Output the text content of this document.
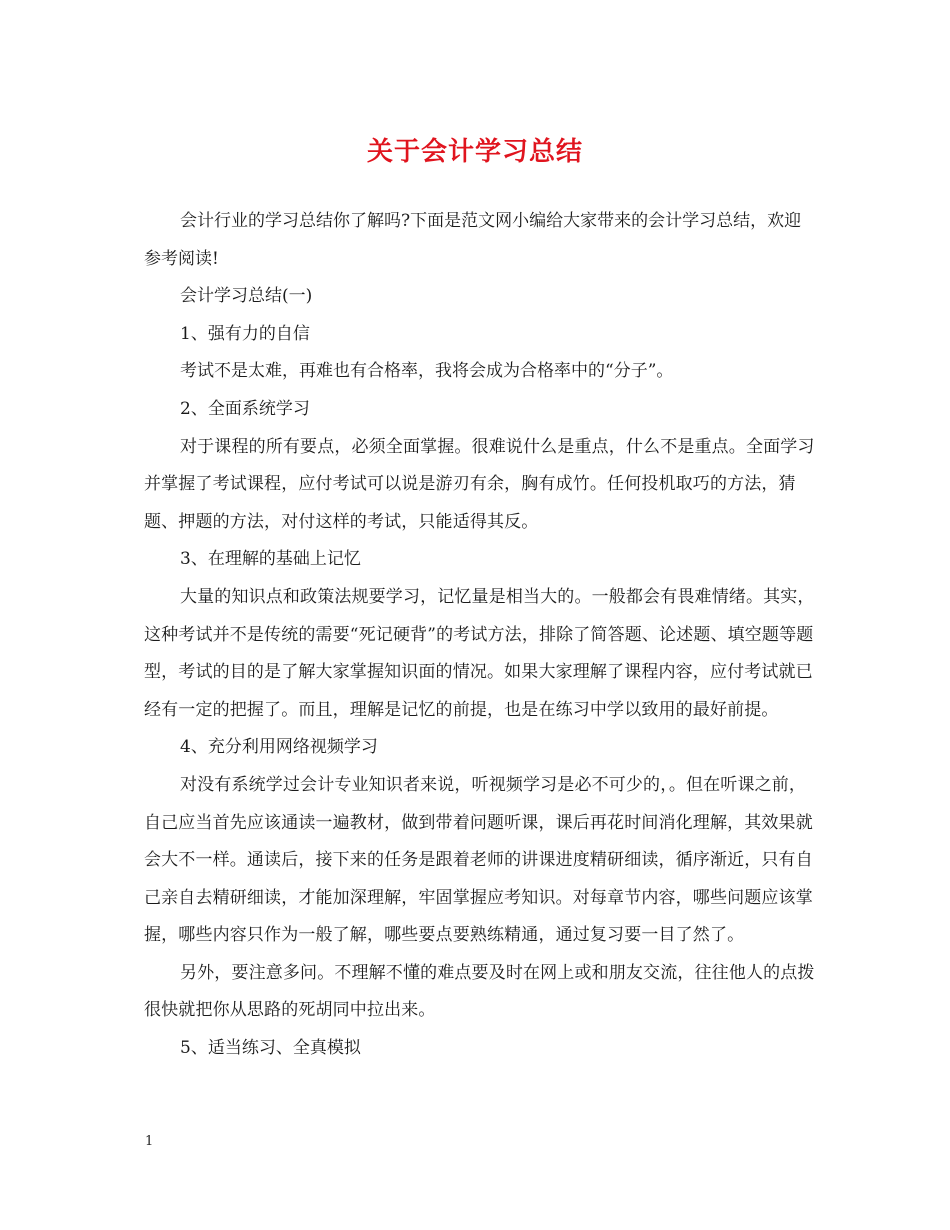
关于会计学习总结

会计行业的学习总结你了解吗?下面是范文网小编给大家带来的会计学习总结，欢迎参考阅读!

会计学习总结(一)

1、强有力的自信

考试不是太难，再难也有合格率，我将会成为合格率中的“分子”。

2、全面系统学习

对于课程的所有要点，必须全面掌握。很难说什么是重点，什么不是重点。全面学习并掌握了考试课程，应付考试可以说是游刃有余，胸有成竹。任何投机取巧的方法，猜题、押题的方法，对付这样的考试，只能适得其反。

3、在理解的基础上记忆

大量的知识点和政策法规要学习，记忆量是相当大的。一般都会有畏难情绪。其实，这种考试并不是传统的需要“死记硬背”的考试方法，排除了简答题、论述题、填空题等题型，考试的目的是了解大家掌握知识面的情况。如果大家理解了课程内容，应付考试就已经有一定的把握了。而且，理解是记忆的前提，也是在练习中学以致用的最好前提。

4、充分利用网络视频学习

对没有系统学过会计专业知识者来说，听视频学习是必不可少的，。但在听课之前，自己应当首先应该通读一遍教材，做到带着问题听课，课后再花时间消化理解，其效果就会大不一样。通读后，接下来的任务是跟着老师的讲课进度精研细读，循序渐近，只有自己亲自去精研细读，才能加深理解，牢固掌握应考知识。对每章节内容，哪些问题应该掌握，哪些内容只作为一般了解，哪些要点要熟练精通，通过复习要一目了然了。

另外，要注意多问。不理解不懂的难点要及时在网上或和朋友交流，往往他人的点拨很快就把你从思路的死胡同中拉出来。

5、适当练习、全真模拟

1
